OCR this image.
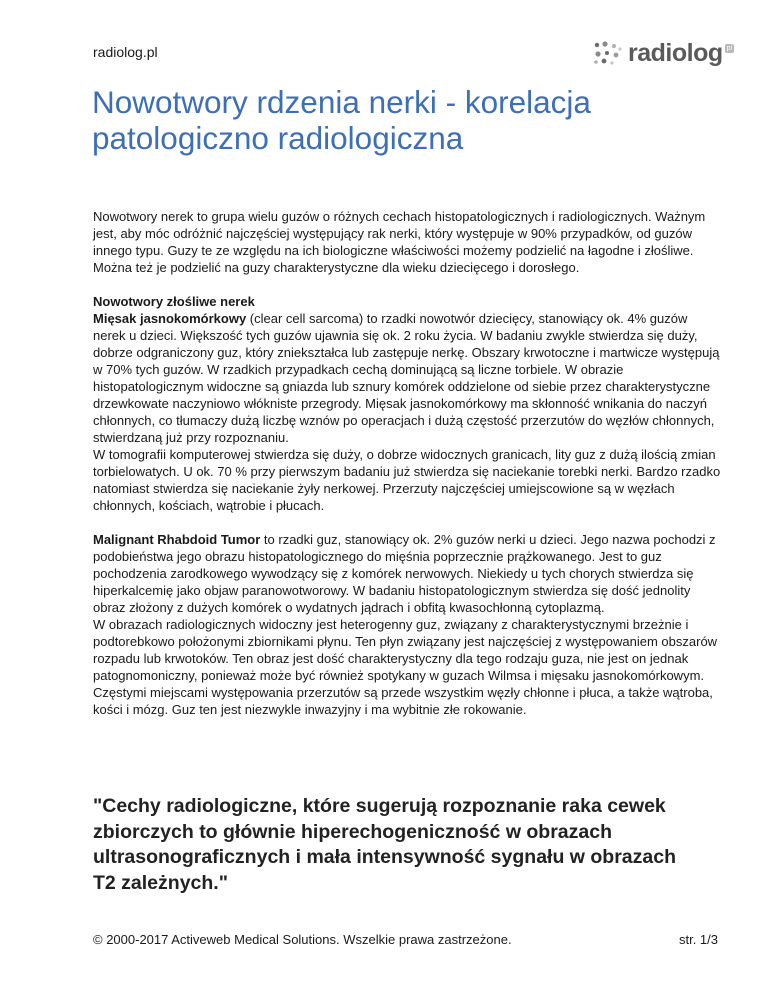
radiolog.pl	radiolog pl
Nowotwory rdzenia nerki - korelacja patologiczno radiologiczna

Nowotwory nerek to grupa wielu guzów o różnych cechach histopatologicznych i radiologicznych. Ważnym jest, aby móc odróżnić najczęściej występujący rak nerki, który występuje w 90% przypadków, od guzów innego typu. Guzy te ze względu na ich biologiczne właściwości możemy podzielić na łagodne i złośliwe. Można też je podzielić na guzy charakterystyczne dla wieku dziecięcego i dorosłego.

Nowotwory złośliwe nerek
Mięsak jasnokomórkowy (clear cell sarcoma) to rzadki nowotwór dziecięcy, stanowiący ok. 4% guzów nerek u dzieci. Większość tych guzów ujawnia się ok. 2 roku życia. W badaniu zwykle stwierdza się duży, dobrze odgraniczony guz, który zniekształca lub zastępuje nerkę. Obszary krwotoczne i martwicze występują w 70% tych guzów. W rzadkich przypadkach cechą dominującą są liczne torbiele. W obrazie histopatologicznym widoczne są gniazda lub sznury komórek oddzielone od siebie przez charakterystyczne drzewkowate naczyniowo włókniste przegrody. Mięsak jasnokomórkowy ma skłonność wnikania do naczyń chłonnych, co tłumaczy dużą liczbę wznów po operacjach i dużą częstość przerzutów do węzłów chłonnych, stwierdzaną już przy rozpoznaniu.
W tomografii komputerowej stwierdza się duży, o dobrze widocznych granicach, lity guz z dużą ilością zmian torbielowatych. U ok. 70 % przy pierwszym badaniu już stwierdza się naciekanie torebki nerki. Bardzo rzadko natomiast stwierdza się naciekanie żyły nerkowej. Przerzuty najczęściej umiejscowione są w węzłach chłonnych, kościach, wątrobie i płucach.

Malignant Rhabdoid Tumor to rzadki guz, stanowiący ok. 2% guzów nerki u dzieci. Jego nazwa pochodzi z podobieństwa jego obrazu histopatologicznego do mięśnia poprzecznie prążkowanego. Jest to guz pochodzenia zarodkowego wywodzący się z komórek nerwowych. Niekiedy u tych chorych stwierdza się hiperkalcemię jako objaw paranowotworowy. W badaniu histopatologicznym stwierdza się dość jednolity obraz złożony z dużych komórek o wydatnych jądrach i obfitą kwasochłonną cytoplazmą.
W obrazach radiologicznych widoczny jest heterogenny guz, związany z charakterystycznymi brzeżnie i podtorebkowo położonymi zbiornikami płynu. Ten płyn związany jest najczęściej z występowaniem obszarów rozpadu lub krwotoków. Ten obraz jest dość charakterystyczny dla tego rodzaju guza, nie jest on jednak patognomoniczny, ponieważ może być również spotykany w guzach Wilmsa i mięsaku jasnokomórkowym. Częstymi miejscami występowania przerzutów są przede wszystkim węzły chłonne i płuca, a także wątroba, kości i mózg. Guz ten jest niezwykle inwazyjny i ma wybitnie złe rokowanie.

"Cechy radiologiczne, które sugerują rozpoznanie raka cewek zbiorczych to głównie hiperechogeniczność w obrazach ultrasonograficznych i mała intensywność sygnału w obrazach T2 zależnych."
© 2000-2017 Activeweb Medical Solutions. Wszelkie prawa zastrzeżone.	str. 1/3
